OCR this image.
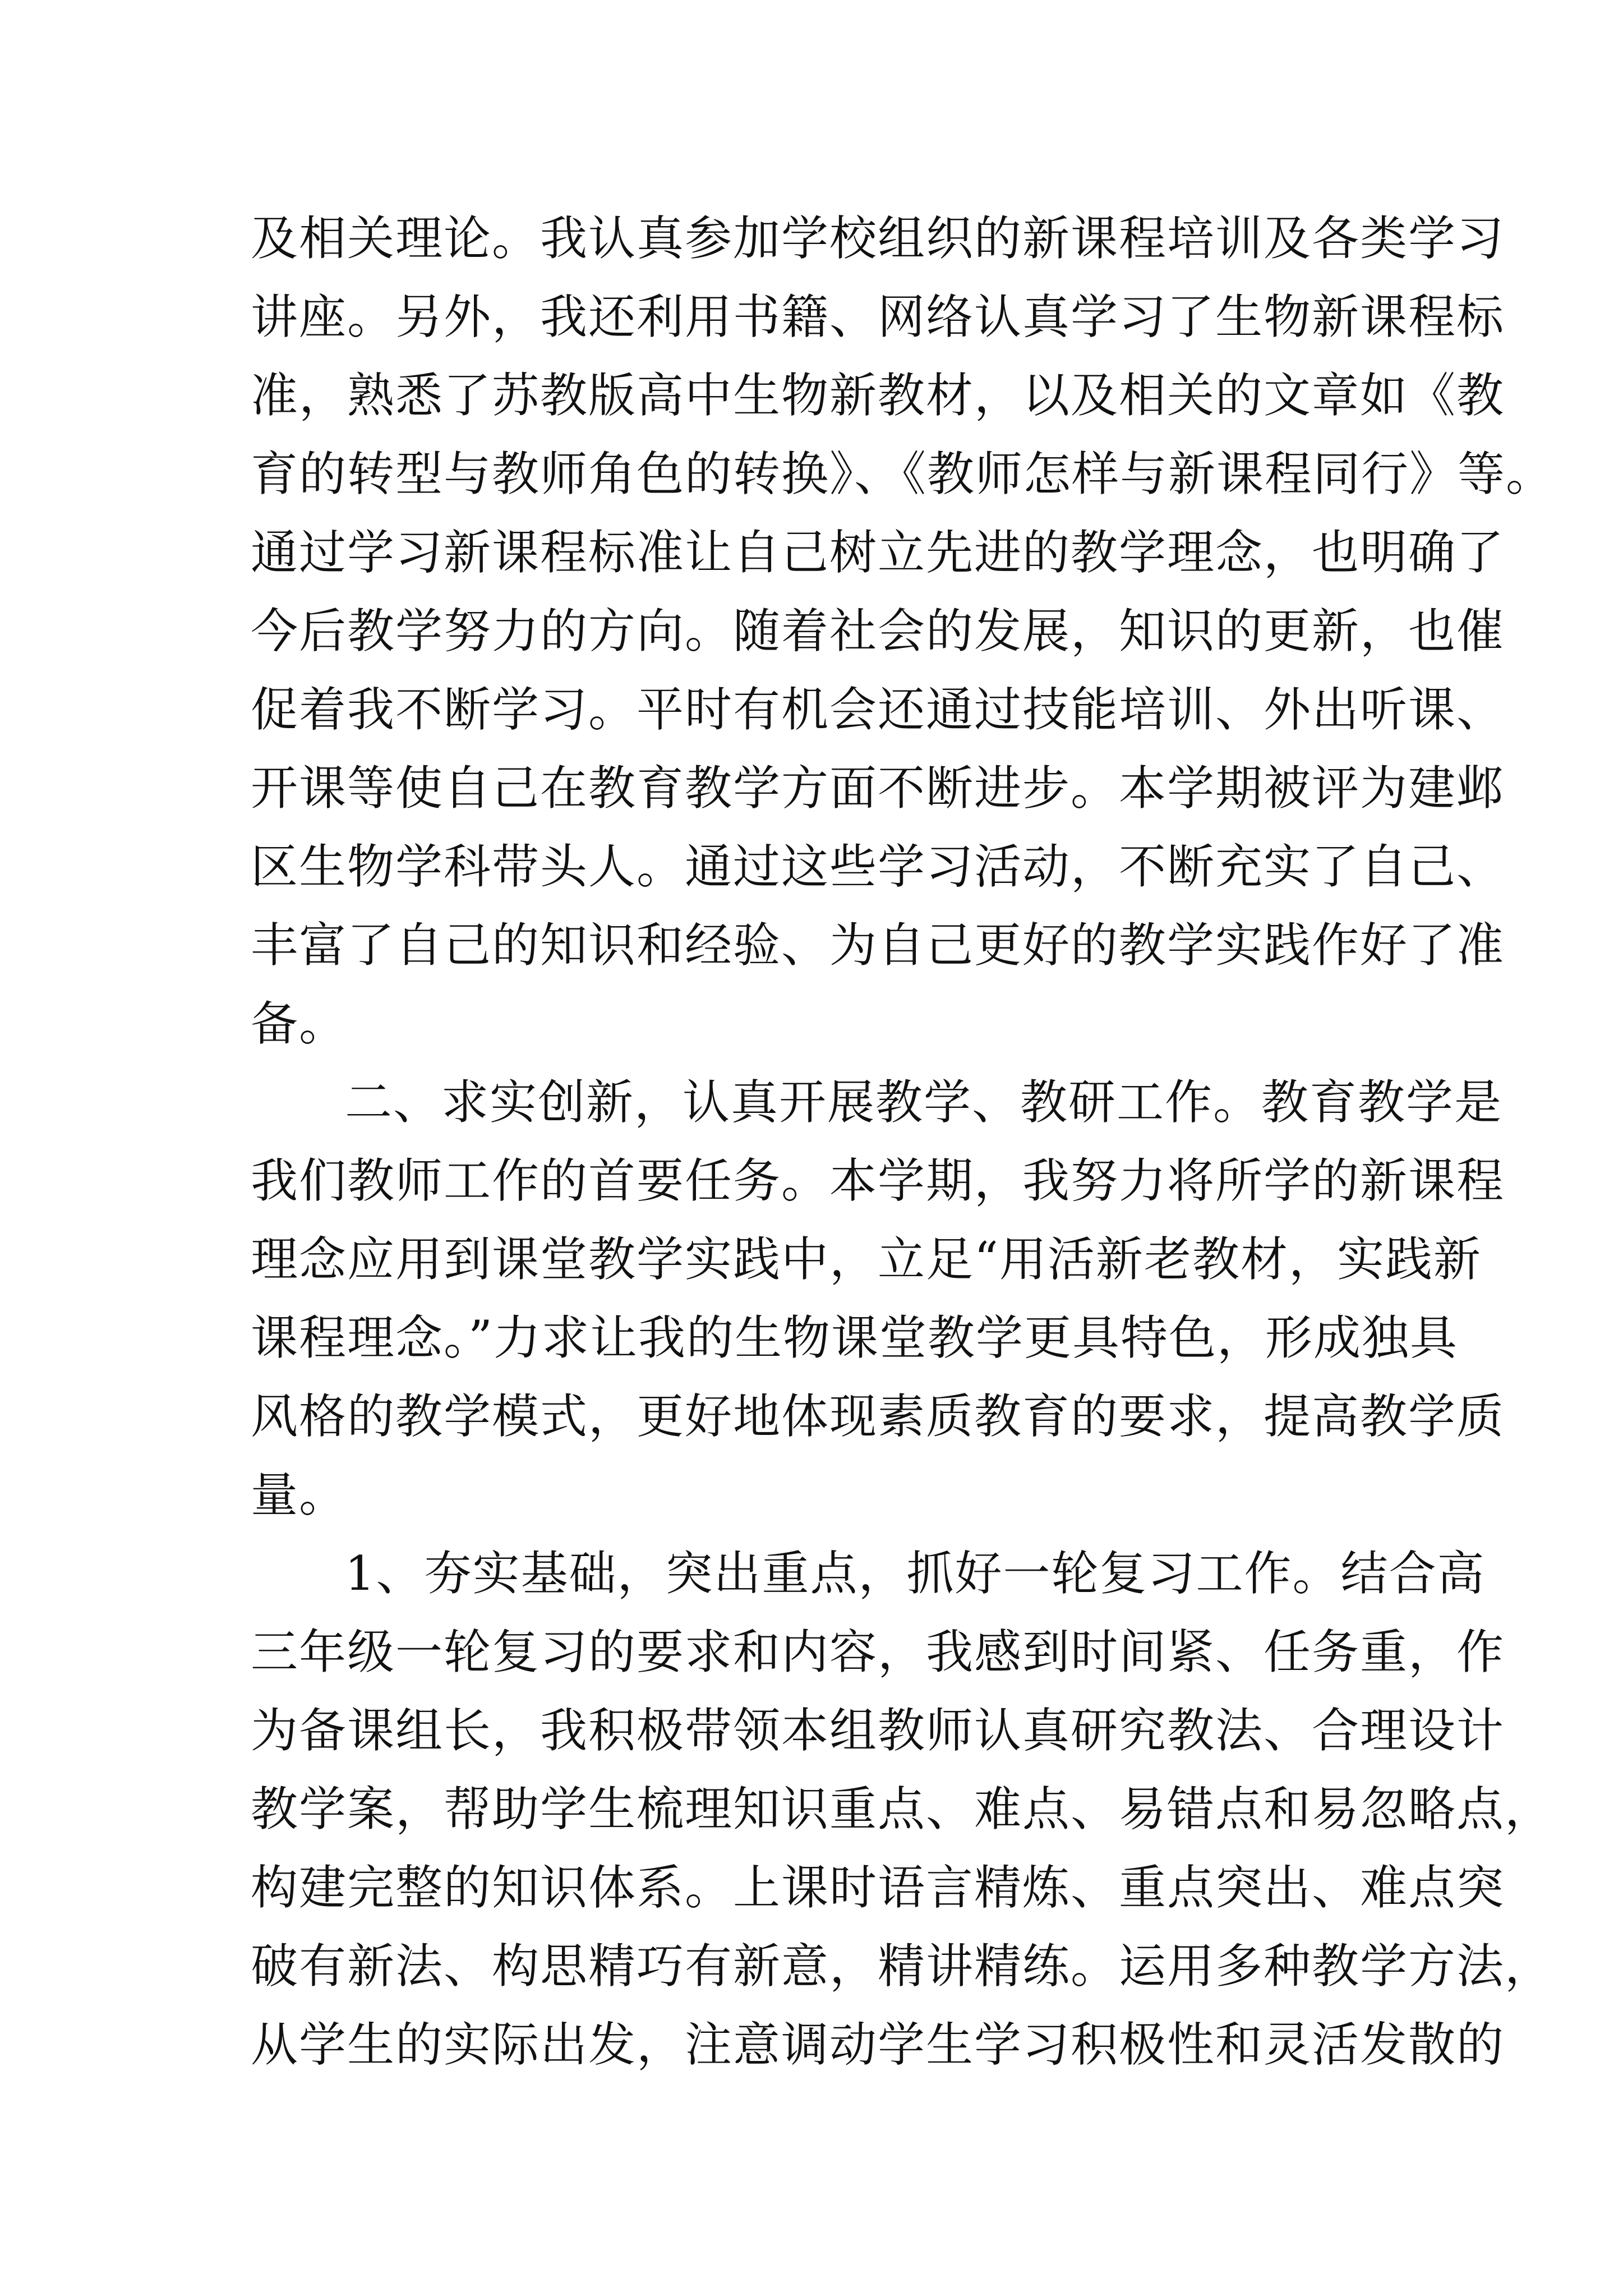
及相关理论。我认真参加学校组织的新课程培训及各类学习
讲座。另外，我还利用书籍、网络认真学习了生物新课程标
准，熟悉了苏教版高中生物新教材，以及相关的文章如《教
育的转型与教师角色的转换》、《教师怎样与新课程同行》等。
通过学习新课程标准让自己树立先进的教学理念，也明确了
今后教学努力的方向。随着社会的发展，知识的更新，也催
促着我不断学习。平时有机会还通过技能培训、外出听课、
开课等使自己在教育教学方面不断进步。本学期被评为建邺
区生物学科带头人。通过这些学习活动，不断充实了自己、
丰富了自己的知识和经验、为自己更好的教学实践作好了准
备。
二、求实创新，认真开展教学、教研工作。教育教学是
我们教师工作的首要任务。本学期，我努力将所学的新课程
理念应用到课堂教学实践中，立足“用活新老教材，实践新
课程理念。”力求让我的生物课堂教学更具特色，形成独具
风格的教学模式，更好地体现素质教育的要求，提高教学质
量。
1、夯实基础，突出重点，抓好一轮复习工作。结合高
三年级一轮复习的要求和内容，我感到时间紧、任务重，作
为备课组长，我积极带领本组教师认真研究教法、合理设计
教学案，帮助学生梳理知识重点、难点、易错点和易忽略点，
构建完整的知识体系。上课时语言精炼、重点突出、难点突
破有新法、构思精巧有新意，精讲精练。运用多种教学方法，
从学生的实际出发，注意调动学生学习积极性和灵活发散的
